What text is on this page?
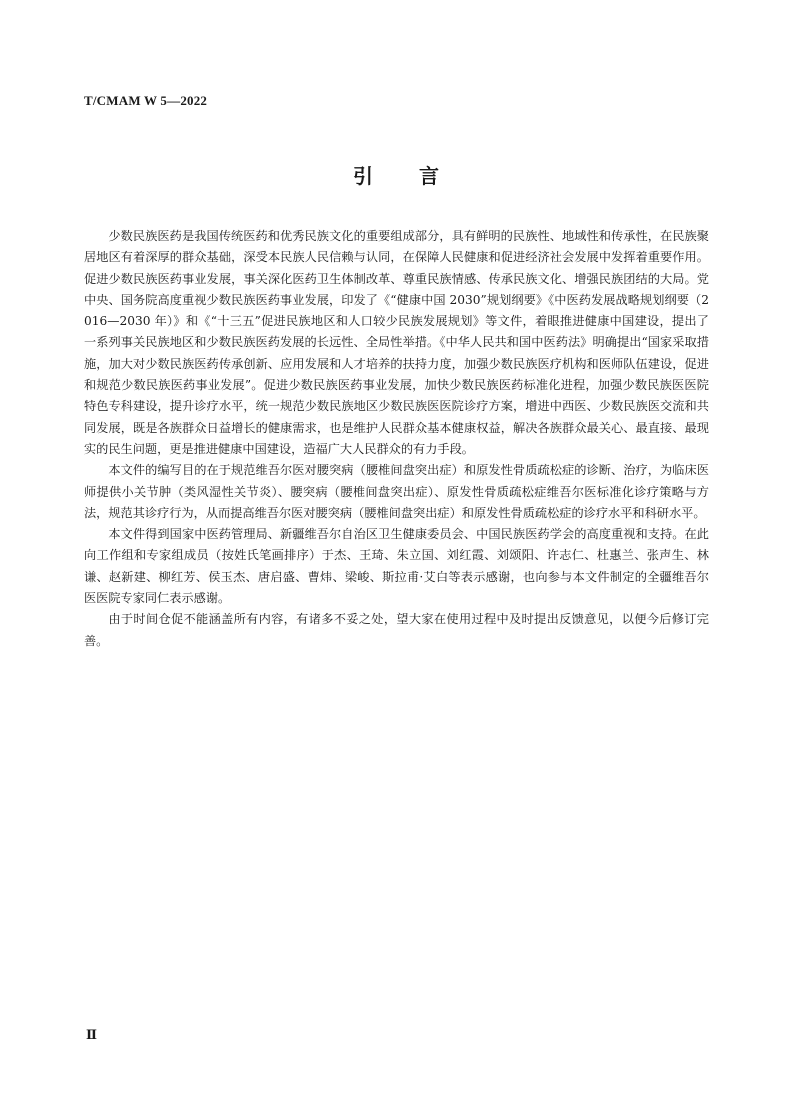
T/CMAM W 5—2022
引言

少数民族医药是我国传统医药和优秀民族文化的重要组成部分，具有鲜明的民族性、地域性和传承性，在民族聚居地区有着深厚的群众基础，深受本民族人民信赖与认同，在保障人民健康和促进经济社会发展中发挥着重要作用。促进少数民族医药事业发展，事关深化医药卫生体制改革、尊重民族情感、传承民族文化、增强民族团结的大局。党中央、国务院高度重视少数民族医药事业发展，印发了《“健康中国 2030”规划纲要》《中医药发展战略规划纲要（2016—2030 年）》和《“十三五”促进民族地区和人口较少民族发展规划》等文件，着眼推进健康中国建设，提出了一系列事关民族地区和少数民族医药发展的长远性、全局性举措。《中华人民共和国中医药法》明确提出“国家采取措施，加大对少数民族医药传承创新、应用发展和人才培养的扶持力度，加强少数民族医疗机构和医师队伍建设，促进和规范少数民族医药事业发展”。促进少数民族医药事业发展，加快少数民族医药标准化进程，加强少数民族医医院特色专科建设，提升诊疗水平，统一规范少数民族地区少数民族医医院诊疗方案，增进中西医、少数民族医交流和共同发展，既是各族群众日益增长的健康需求，也是维护人民群众基本健康权益，解决各族群众最关心、最直接、最现实的民生问题，更是推进健康中国建设，造福广大人民群众的有力手段。

本文件的编写目的在于规范维吾尔医对腰突病（腰椎间盘突出症）和原发性骨质疏松症的诊断、治疗，为临床医师提供小关节肿（类风湿性关节炎）、腰突病（腰椎间盘突出症）、原发性骨质疏松症维吾尔医标准化诊疗策略与方法，规范其诊疗行为，从而提高维吾尔医对腰突病（腰椎间盘突出症）和原发性骨质疏松症的诊疗水平和科研水平。

本文件得到国家中医药管理局、新疆维吾尔自治区卫生健康委员会、中国民族医药学会的高度重视和支持。在此向工作组和专家组成员（按姓氏笔画排序）于杰、王琦、朱立国、刘红霞、刘颂阳、许志仁、杜惠兰、张声生、林谦、赵新建、柳红芳、侯玉杰、唐启盛、曹炜、梁峻、斯拉甫·艾白等表示感谢，也向参与本文件制定的全疆维吾尔医医院专家同仁表示感谢。

由于时间仓促不能涵盖所有内容，有诸多不妥之处，望大家在使用过程中及时提出反馈意见，以便今后修订完善。

Ⅱ
